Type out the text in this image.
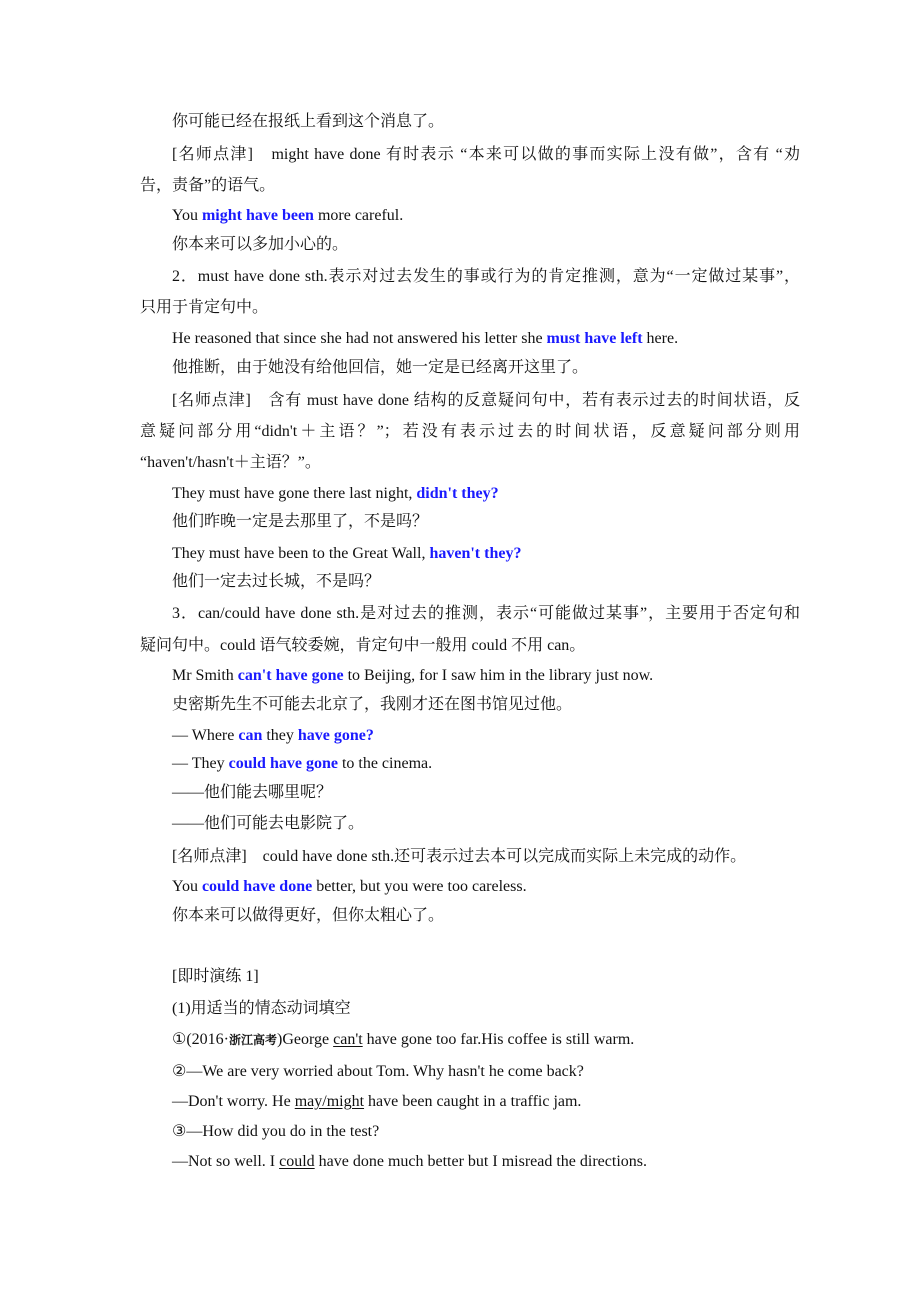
你可能已经在报纸上看到这个消息了。
[名师点津]　might have done 有时表示 “本来可以做的事而实际上没有做”，含有 “劝
告，责备”的语气。
You might have been more careful.
你本来可以多加小心的。
2．must have done sth.表示对过去发生的事或行为的肯定推测，意为“一定做过某事”，
只用于肯定句中。
He reasoned that since she had not answered his letter she must have left here.
他推断，由于她没有给他回信，她一定是已经离开这里了。
[名师点津]　含有 must have done 结构的反意疑问句中，若有表示过去的时间状语，反
意疑问部分用“didn't＋主语？”；若没有表示过去的时间状语，反意疑问部分则用
“haven't/hasn't＋主语？”。
They must have gone there last night, didn't they?
他们昨晚一定是去那里了，不是吗？
They must have been to the Great Wall, haven't they?
他们一定去过长城，不是吗？
3．can/could have done sth.是对过去的推测，表示“可能做过某事”，主要用于否定句和
疑问句中。could 语气较委婉，肯定句中一般用 could 不用 can。
Mr Smith can't have gone to Beijing, for I saw him in the library just now.
史密斯先生不可能去北京了，我刚才还在图书馆见过他。
— Where can they have gone?
— They could have gone to the cinema.
——他们能去哪里呢？
——他们可能去电影院了。
[名师点津]　could have done sth.还可表示过去本可以完成而实际上未完成的动作。
You could have done better, but you were too careless.
你本来可以做得更好，但你太粗心了。
[即时演练 1]
(1)用适当的情态动词填空
①(2016·浙江高考)George can't have gone too far.His coffee is still warm.
②—We are very worried about Tom. Why hasn't he come back?
—Don't worry. He may/might have been caught in a traffic jam.
③—How did you do in the test?
—Not so well. I could have done much better but I misread the directions.
